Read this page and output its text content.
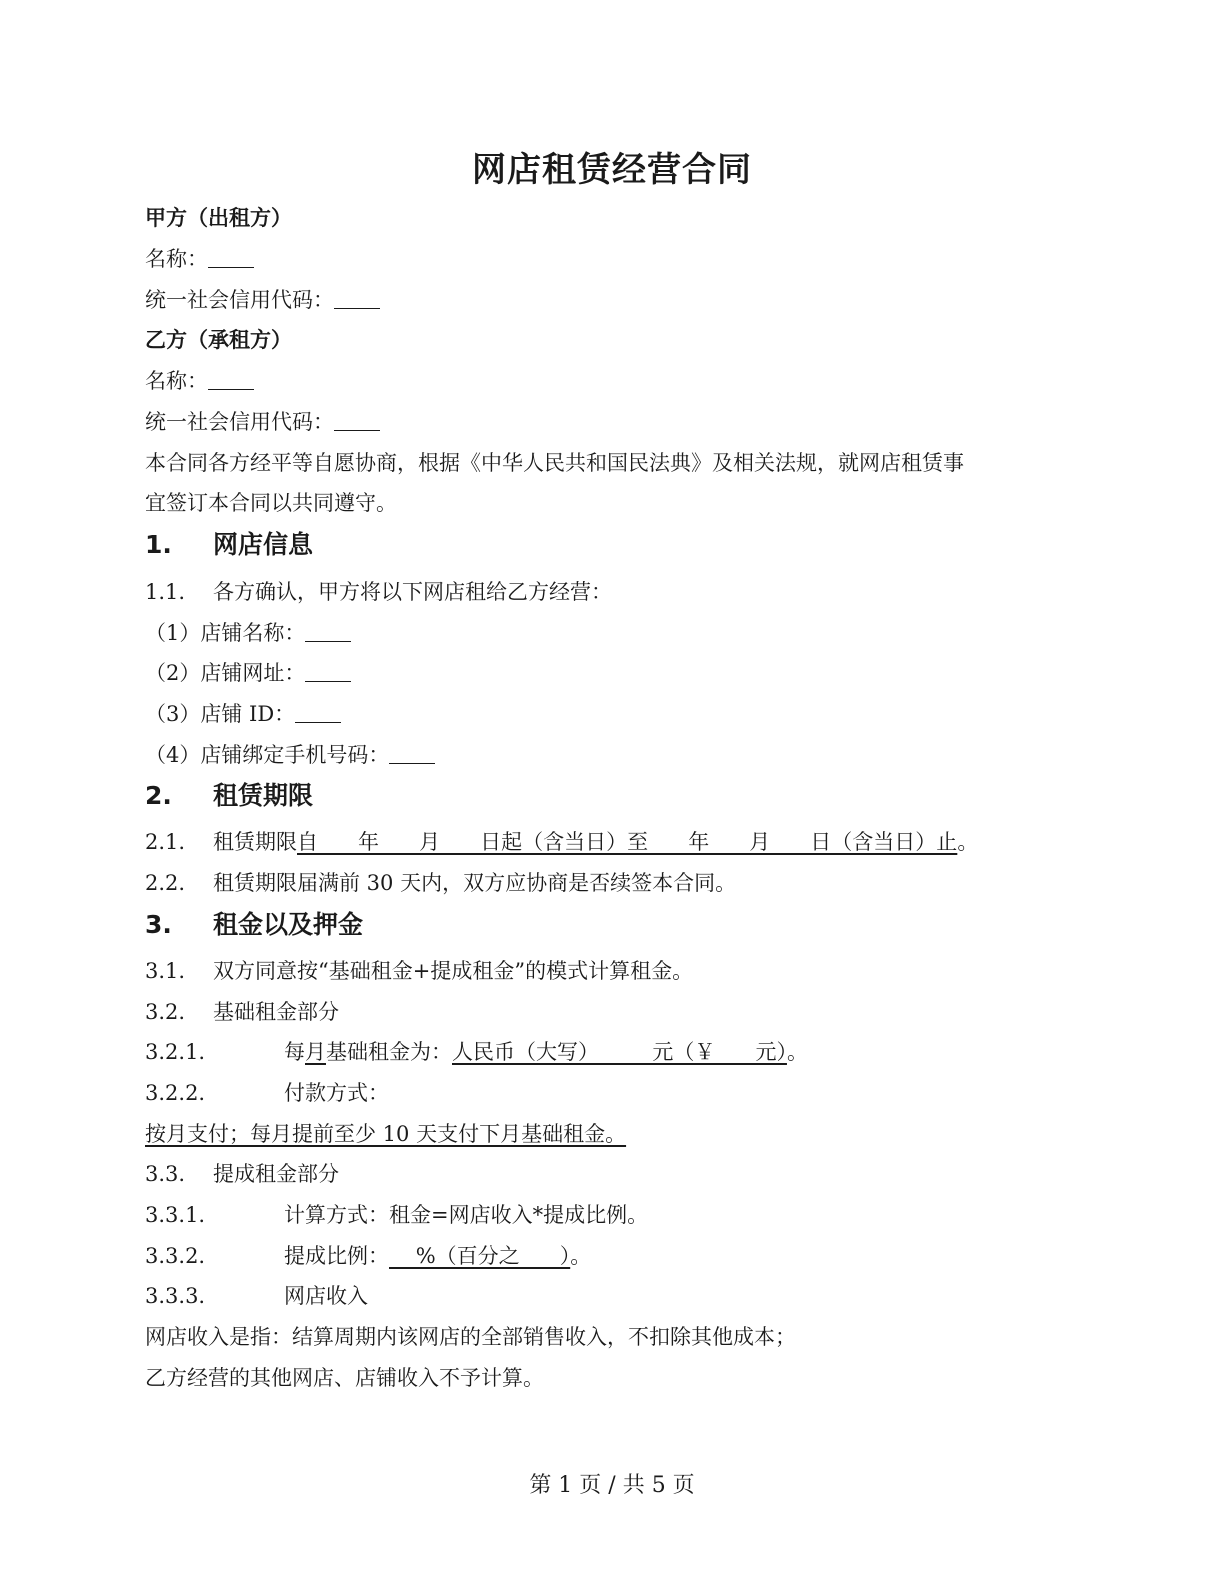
网店租赁经营合同
甲方（出租方）
名称：
统一社会信用代码：
乙方（承租方）
名称：
统一社会信用代码：
本合同各方经平等自愿协商，根据《中华人民共和国民法典》及相关法规，就网店租赁事
宜签订本合同以共同遵守。
1. 网店信息
1.1. 各方确认，甲方将以下网店租给乙方经营：
（1）店铺名称：
（2）店铺网址：
（3）店铺 ID：
（4）店铺绑定手机号码：
2. 租赁期限
2.1. 租赁期限自      年      月      日起（含当日）至      年      月      日（含当日）止。
2.2. 租赁期限届满前 30 天内，双方应协商是否续签本合同。
3. 租金以及押金
3.1. 双方同意按“基础租金+提成租金”的模式计算租金。
3.2. 基础租金部分
3.2.1.	每月基础租金为：人民币（大写）        元（￥      元）。
3.2.2.	付款方式：
按月支付；每月提前至少 10 天支付下月基础租金。
3.3. 提成租金部分
3.3.1.	计算方式：租金=网店收入*提成比例。
3.3.2.	提成比例：    %（百分之      ）。
3.3.3.	网店收入
网店收入是指：结算周期内该网店的全部销售收入，不扣除其他成本；
乙方经营的其他网店、店铺收入不予计算。
第 1 页 / 共 5 页
